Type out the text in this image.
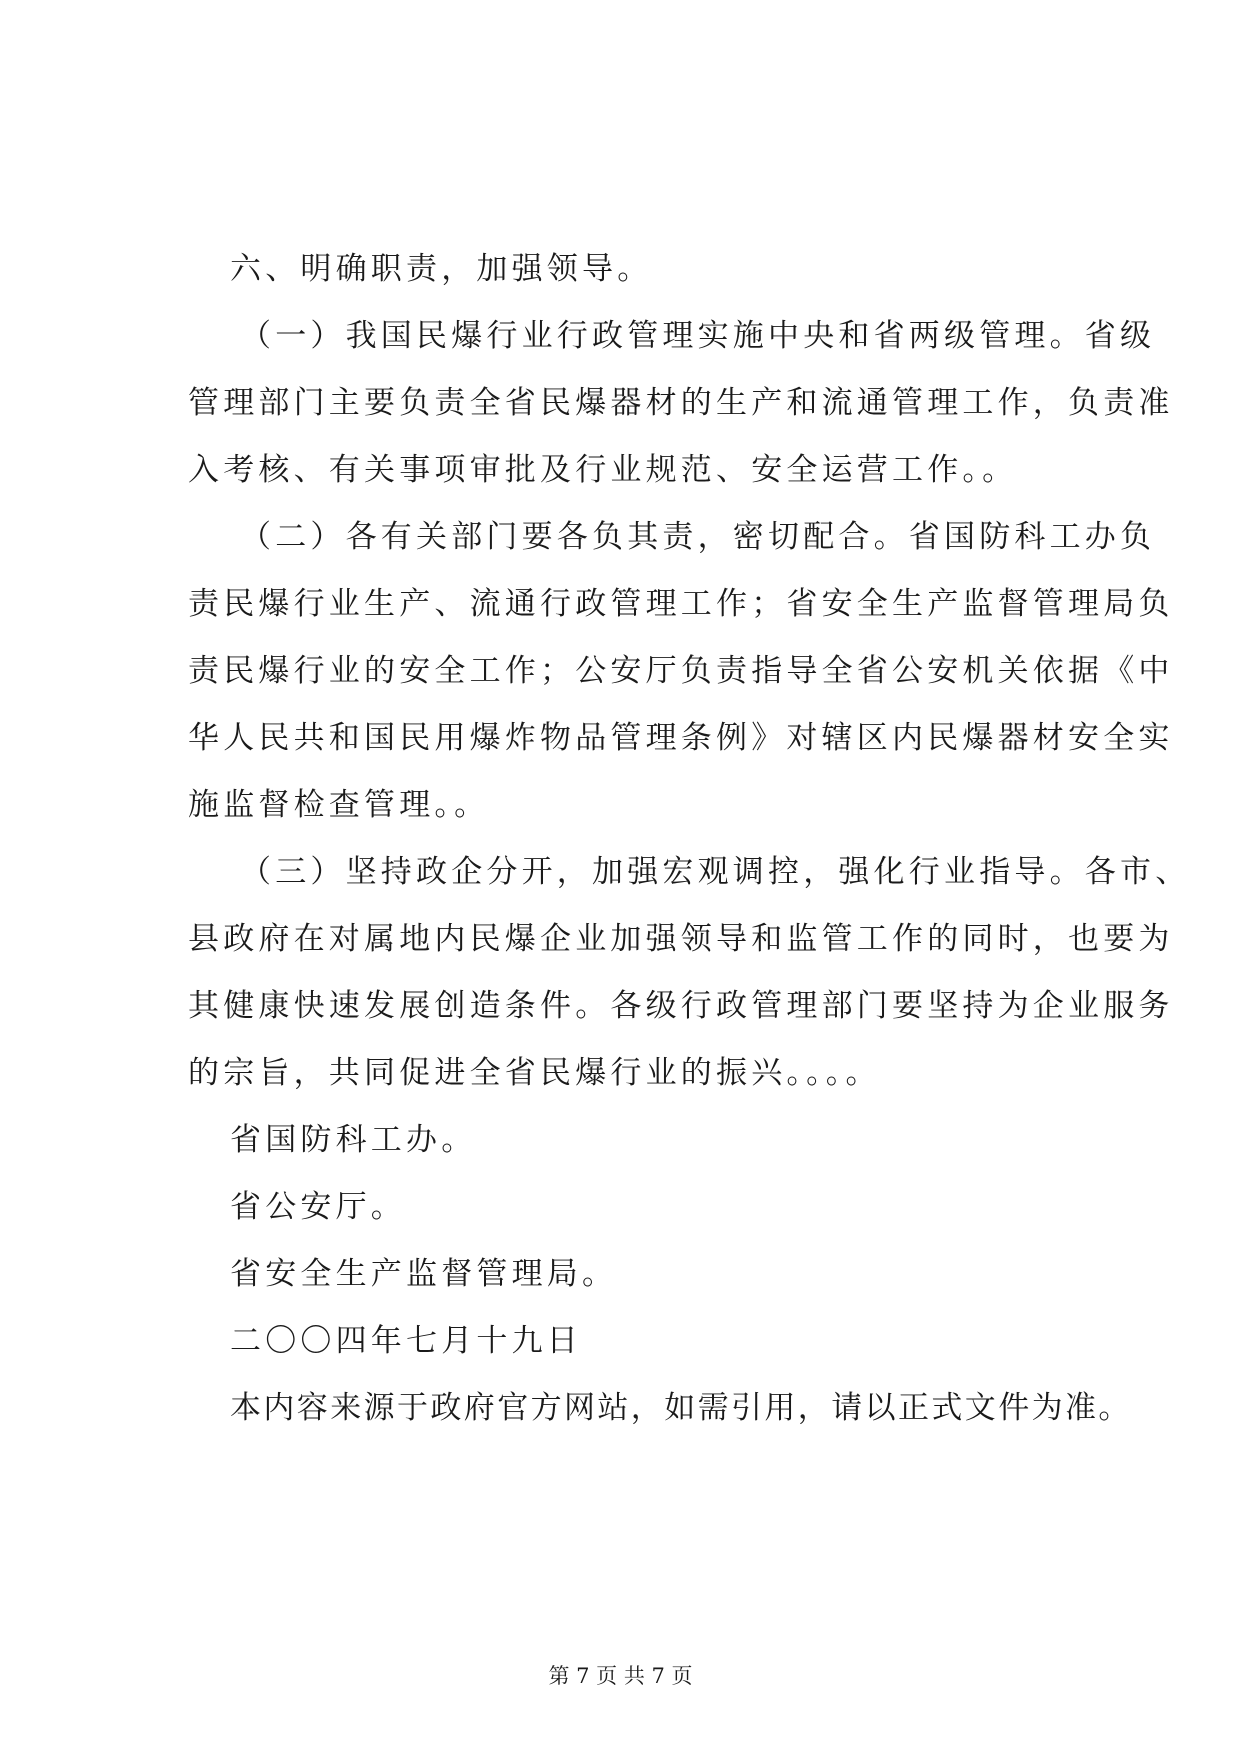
六、明确职责，加强领导。
（一）我国民爆行业行政管理实施中央和省两级管理。省级
管理部门主要负责全省民爆器材的生产和流通管理工作，负责准
入考核、有关事项审批及行业规范、安全运营工作。。
（二）各有关部门要各负其责，密切配合。省国防科工办负
责民爆行业生产、流通行政管理工作；省安全生产监督管理局负
责民爆行业的安全工作；公安厅负责指导全省公安机关依据《中
华人民共和国民用爆炸物品管理条例》对辖区内民爆器材安全实
施监督检查管理。。
（三）坚持政企分开，加强宏观调控，强化行业指导。各市、
县政府在对属地内民爆企业加强领导和监管工作的同时，也要为
其健康快速发展创造条件。各级行政管理部门要坚持为企业服务
的宗旨，共同促进全省民爆行业的振兴。。。。
省国防科工办。
省公安厅。
省安全生产监督管理局。
二〇〇四年七月十九日
本内容来源于政府官方网站，如需引用，请以正式文件为准。
第 7 页 共 7 页
